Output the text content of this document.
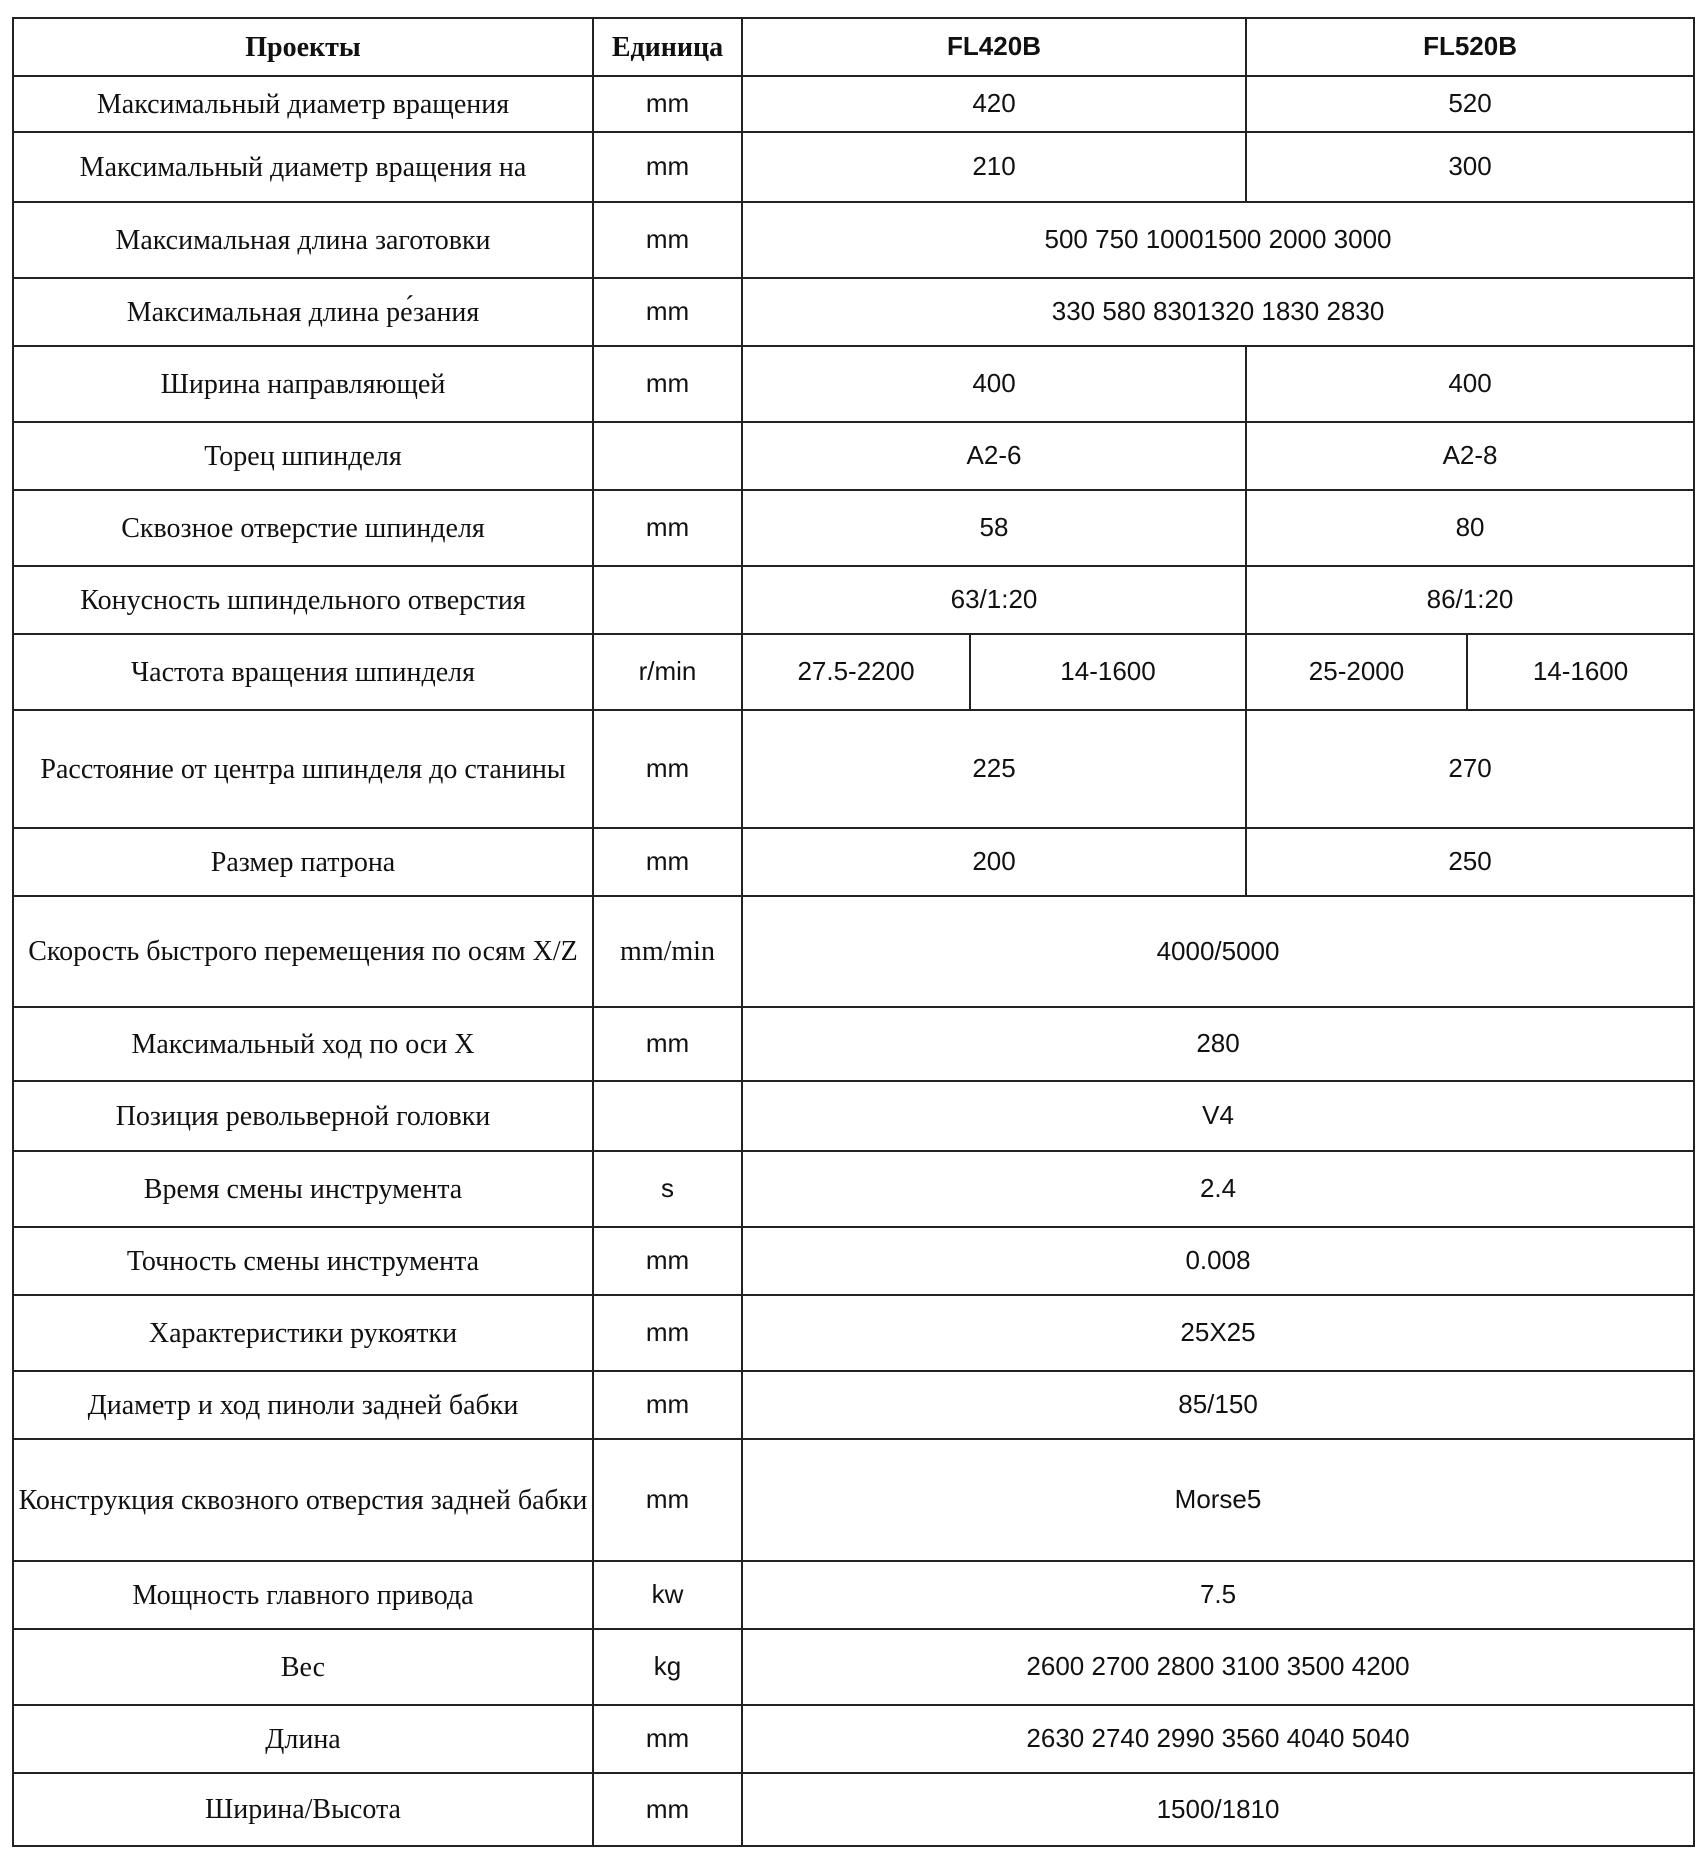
Проекты	Единица	FL420B		FL520B	
Максимальный диаметр вращения	mm	420		520	
Максимальный диаметр вращения на	mm	210		300	
Максимальная длина заготовки	mm	500 750 10001500 2000 3000			
Максимальная длина ре́зания	mm	330 580 8301320 1830 2830			
Ширина направляющей	mm	400		400	
Торец шпинделя		A2-6		A2-8	
Сквозное отверстие шпинделя	mm	58		80	
Конусность шпиндельного отверстия		63/1:20		86/1:20	
Частота вращения шпинделя	r/min	27.5-2200	14-1600	25-2000	14-1600
Расстояние от центра шпинделя до станины	mm	225		270	
Размер патрона	mm	200		250	
Скорость быстрого перемещения по осям X/Z	mm/min	4000/5000			
Максимальный ход по оси X	mm	280			
Позиция револьверной головки		V4			
Время смены инструмента	s	2.4			
Точность смены инструмента	mm	0.008			
Характеристики рукоятки	mm	25X25			
Диаметр и ход пиноли задней бабки	mm	85/150			
Конструкция сквозного отверстия задней бабки	mm	Morse5			
Мощность главного привода	kw	7.5			
Вес	kg	2600 2700 2800 3100 3500 4200			
Длина	mm	2630 2740 2990 3560 4040 5040			
Ширина/Высота	mm	1500/1810			
